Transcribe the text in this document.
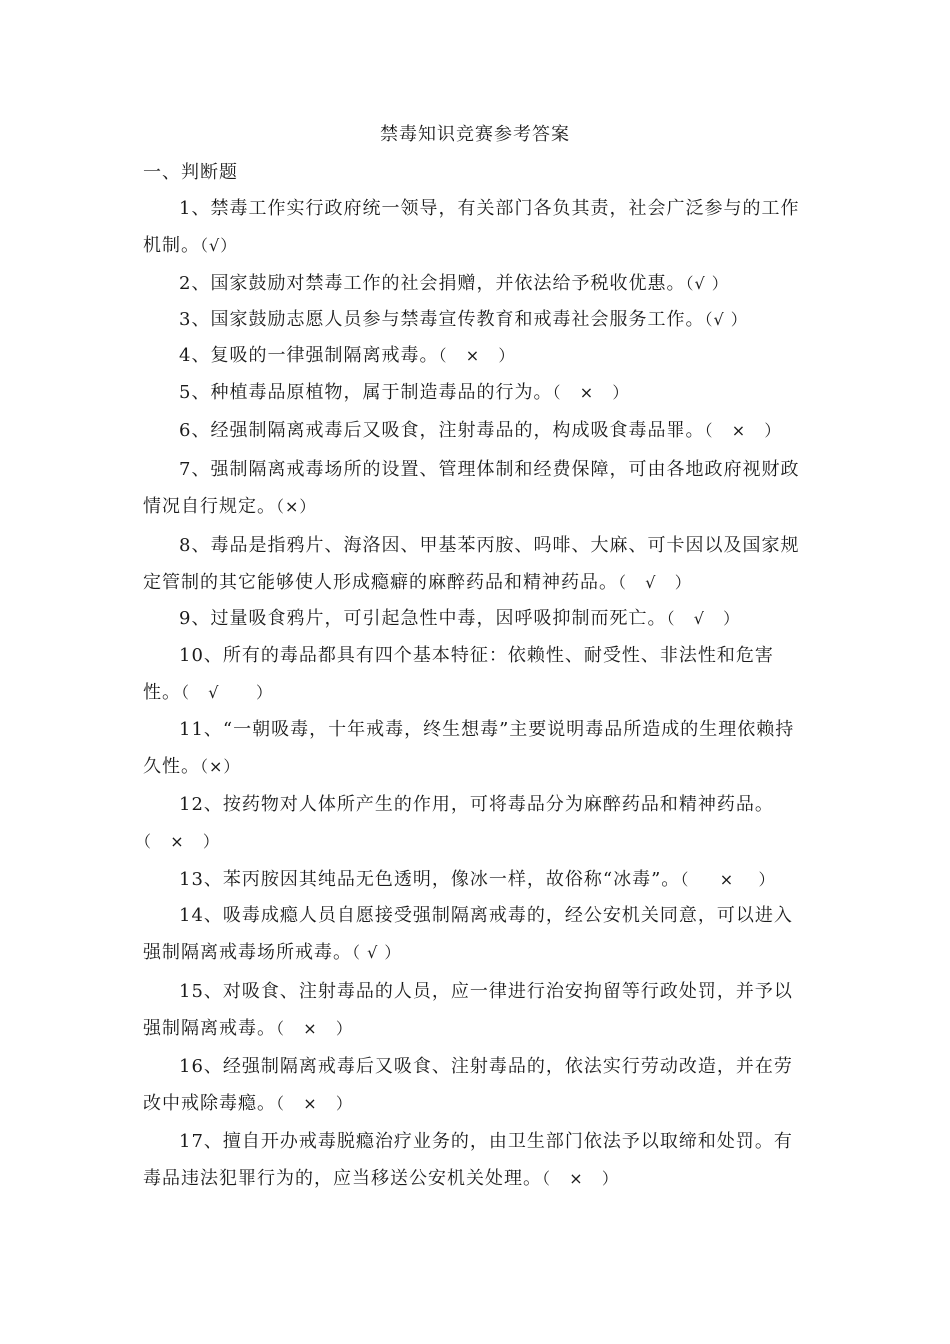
禁毒知识竞赛参考答案
一、判断题
1、禁毒工作实行政府统一领导，有关部门各负其责，社会广泛参与的工作机制。（√）
2、国家鼓励对禁毒工作的社会捐赠，并依法给予税收优惠。（√ ）
3、国家鼓励志愿人员参与禁毒宣传教育和戒毒社会服务工作。（√ ）
4、复吸的一律强制隔离戒毒。（   ×   ）
5、种植毒品原植物，属于制造毒品的行为。（   ×   ）
6、经强制隔离戒毒后又吸食，注射毒品的，构成吸食毒品罪。（   ×   ）
7、强制隔离戒毒场所的设置、管理体制和经费保障，可由各地政府视财政情况自行规定。（×）
8、毒品是指鸦片、海洛因、甲基苯丙胺、吗啡、大麻、可卡因以及国家规定管制的其它能够使人形成瘾癖的麻醉药品和精神药品。（   √   ）
9、过量吸食鸦片，可引起急性中毒，因呼吸抑制而死亡。（   √   ）
10、所有的毒品都具有四个基本特征：依赖性、耐受性、非法性和危害性。（   √      ）
11、“一朝吸毒，十年戒毒，终生想毒”主要说明毒品所造成的生理依赖持久性。（×）
12、按药物对人体所产生的作用，可将毒品分为麻醉药品和精神药品。（   ×   ）
13、苯丙胺因其纯品无色透明，像冰一样，故俗称“冰毒”。（     ×    ）
14、吸毒成瘾人员自愿接受强制隔离戒毒的，经公安机关同意，可以进入强制隔离戒毒场所戒毒。（ √ ）
15、对吸食、注射毒品的人员，应一律进行治安拘留等行政处罚，并予以强制隔离戒毒。（   ×   ）
16、经强制隔离戒毒后又吸食、注射毒品的，依法实行劳动改造，并在劳改中戒除毒瘾。（   ×   ）
17、擅自开办戒毒脱瘾治疗业务的，由卫生部门依法予以取缔和处罚。有毒品违法犯罪行为的，应当移送公安机关处理。（   ×   ）
